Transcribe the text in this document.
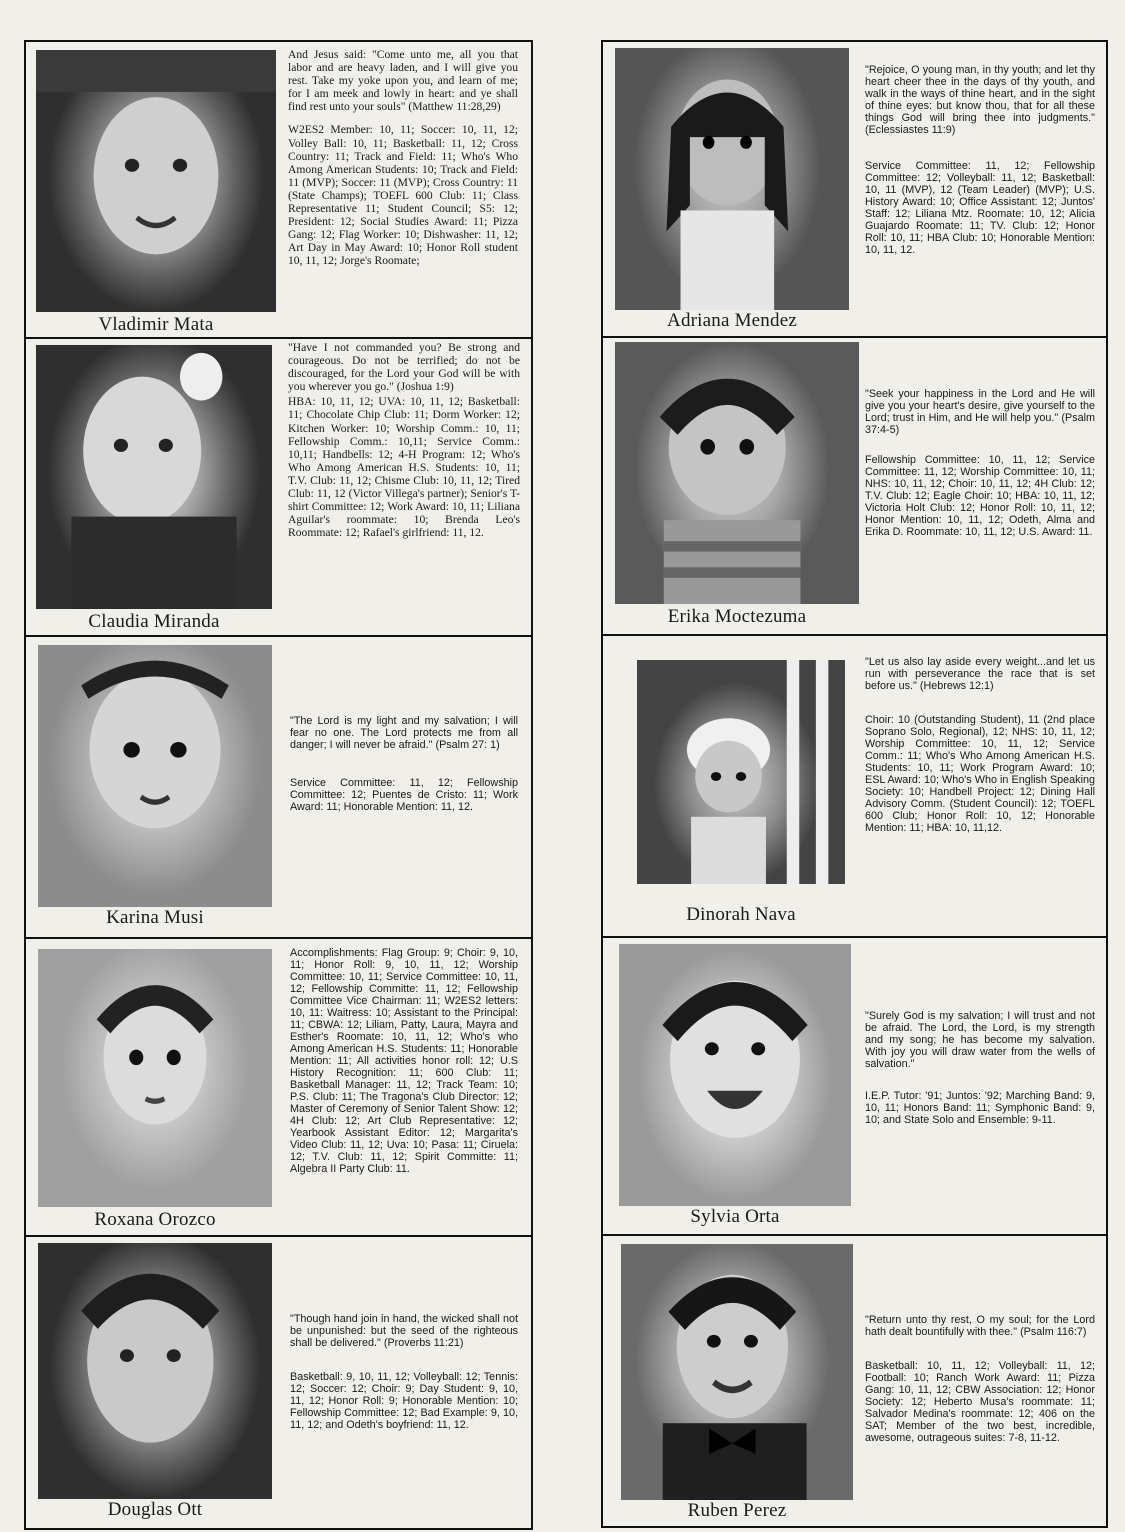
Vladimir Mata

And Jesus said: "Come unto me, all you that labor and are heavy laden, and I will give you rest. Take my yoke upon you, and learn of me; for I am meek and lowly in heart: and ye shall find rest unto your souls" (Matthew 11:28,29)

W2ES2 Member: 10, 11; Soccer: 10, 11, 12; Volley Ball: 10, 11; Basketball: 11, 12; Cross Country: 11; Track and Field: 11; Who's Who Among American Students: 10; Track and Field: 11 (MVP); Soccer: 11 (MVP); Cross Country: 11 (State Champs); TOEFL 600 Club: 11; Class Representative 11; Student Council; S5: 12; President: 12; Social Studies Award: 11; Pizza Gang: 12; Flag Worker: 10; Dishwasher: 11, 12; Art Day in May Award: 10; Honor Roll student 10, 11, 12; Jorge's Roomate;

Claudia Miranda

"Have I not commanded you? Be strong and courageous. Do not be terrified; do not be discouraged, for the Lord your God will be with you wherever you go." (Joshua 1:9)

HBA: 10, 11, 12; UVA: 10, 11, 12; Basketball: 11; Chocolate Chip Club: 11; Dorm Worker: 12; Kitchen Worker: 10; Worship Comm.: 10, 11; Fellowship Comm.: 10,11; Service Comm.: 10,11; Handbells: 12; 4-H Program: 12; Who's Who Among American H.S. Students: 10, 11; T.V. Club: 11, 12; Chisme Club: 10, 11, 12; Tired Club: 11, 12 (Victor Villega's partner); Senior's T-shirt Committee: 12; Work Award: 10, 11; Liliana Aguilar's roommate: 10; Brenda Leo's Roommate: 12; Rafael's girlfriend: 11, 12.

Karina Musi

"The Lord is my light and my salvation; I will fear no one. The Lord protects me from all danger; I will never be afraid." (Psalm 27: 1)

Service Committee: 11, 12; Fellowship Committee: 12; Puentes de Cristo: 11; Work Award: 11; Honorable Mention: 11, 12.

Roxana Orozco

Accomplishments: Flag Group: 9; Choir: 9, 10, 11; Honor Roll: 9, 10, 11, 12; Worship Committee: 10, 11; Service Committee: 10, 11, 12; Fellowship Committe: 11, 12; Fellowship Committee Vice Chairman: 11; W2ES2 letters: 10, 11: Waitress: 10; Assistant to the Principal: 11; CBWA: 12; Liliam, Patty, Laura, Mayra and Esther's Roomate: 10, 11, 12; Who's who Among American H.S. Students: 11; Honorable Mention: 11; All activities honor roll: 12; U.S History Recognition: 11; 600 Club: 11; Basketball Manager: 11, 12; Track Team: 10; P.S. Club: 11; The Tragona's Club Director: 12; Master of Ceremony of Senior Talent Show: 12; 4H Club: 12; Art Club Representative: 12; Yearbook Assistant Editor: 12; Margarita's Video Club: 11, 12; Uva: 10; Pasa: 11; Ciruela: 12; T.V. Club: 11, 12; Spirit Committe: 11; Algebra II Party Club: 11.

Douglas Ott

"Though hand join in hand, the wicked shall not be unpunished: but the seed of the righteous shall be delivered." (Proverbs 11:21)

Basketball: 9, 10, 11, 12; Volleyball: 12; Tennis: 12; Soccer: 12; Choir: 9; Day Student: 9, 10, 11, 12; Honor Roll: 9; Honorable Mention: 10; Fellowship Committee: 12; Bad Example: 9, 10, 11, 12; and Odeth's boyfriend: 11, 12.

Adriana Mendez

"Rejoice, O young man, in thy youth; and let thy heart cheer thee in the days of thy youth, and walk in the ways of thine heart, and in the sight of thine eyes: but know thou, that for all these things God will bring thee into judgments." (Eclessiastes 11:9)

Service Committee: 11, 12; Fellowship Committee: 12; Volleyball: 11, 12; Basketball: 10, 11 (MVP), 12 (Team Leader) (MVP); U.S. History Award: 10; Office Assistant: 12; Juntos' Staff: 12; Liliana Mtz. Roomate: 10, 12; Alicia Guajardo Roomate: 11; TV. Club: 12; Honor Roll: 10, 11; HBA Club: 10; Honorable Mention: 10, 11, 12.

Erika Moctezuma

"Seek your happiness in the Lord and He will give you your heart's desire, give yourself to the Lord; trust in Him, and He will help you." (Psalm 37:4-5)

Fellowship Committee: 10, 11, 12; Service Committee: 11, 12; Worship Committee: 10, 11; NHS: 10, 11, 12; Choir: 10, 11, 12; 4H Club: 12; T.V. Club: 12; Eagle Choir: 10; HBA: 10, 11, 12; Victoria Holt Club: 12; Honor Roll: 10, 11, 12; Honor Mention: 10, 11, 12; Odeth, Alma and Erika D. Roommate: 10, 11, 12; U.S. Award: 11.

Dinorah Nava

"Let us also lay aside every weight...and let us run with perseverance the race that is set before us." (Hebrews 12:1)

Choir: 10 (Outstanding Student), 11 (2nd place Soprano Solo, Regional), 12; NHS: 10, 11, 12; Worship Committee: 10, 11, 12; Service Comm.: 11; Who's Who Among American H.S. Students: 10, 11; Work Program Award: 10; ESL Award: 10; Who's Who in English Speaking Society: 10; Handbell Project: 12; Dining Hall Advisory Comm. (Student Council): 12; TOEFL 600 Club; Honor Roll: 10, 12; Honorable Mention: 11; HBA: 10, 11,12.

Sylvia Orta

"Surely God is my salvation; I will trust and not be afraid. The Lord, the Lord, is my strength and my song; he has become my salvation. With joy you will draw water from the wells of salvation."

I.E.P. Tutor: '91; Juntos: '92; Marching Band: 9, 10, 11; Honors Band: 11; Symphonic Band: 9, 10; and State Solo and Ensemble: 9-11.

Ruben Perez

"Return unto thy rest, O my soul; for the Lord hath dealt bountifully with thee." (Psalm 116:7)

Basketball: 10, 11, 12; Volleyball: 11, 12; Football: 10; Ranch Work Award: 11; Pizza Gang: 10, 11, 12; CBW Association: 12; Honor Society: 12; Heberto Musa's roommate: 11; Salvador Medina's roommate: 12; 406 on the SAT; Member of the two best, incredible, awesome, outrageous suites: 7-8, 11-12.
